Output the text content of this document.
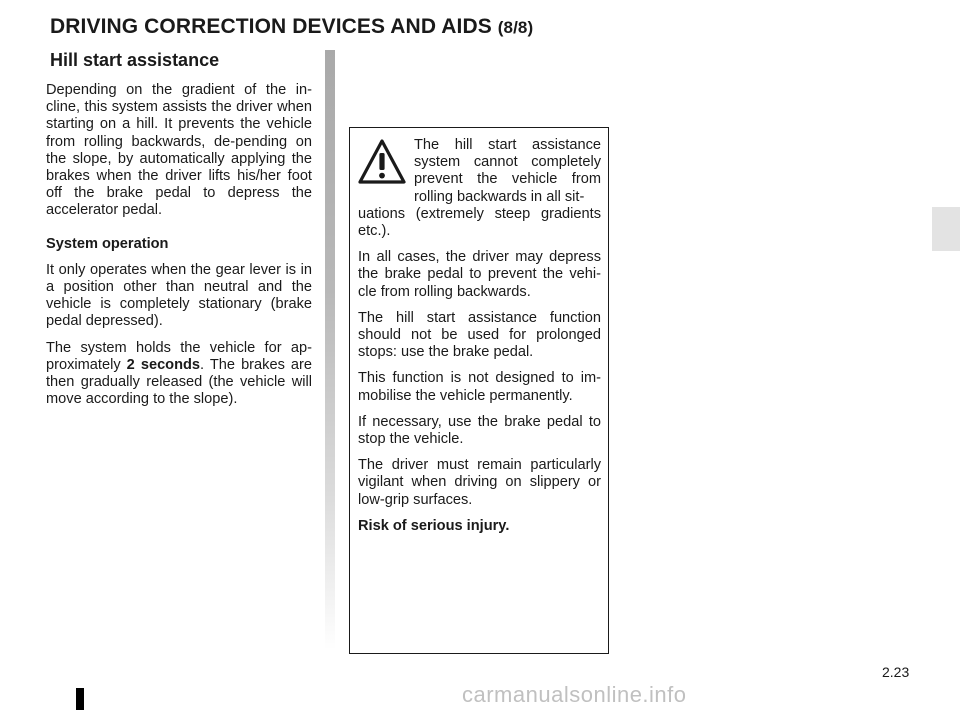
DRIVING CORRECTION DEVICES AND AIDS (8/8)
Hill start assistance

Depending on the gradient of the in-cline, this system assists the driver when starting on a hill. It prevents the vehicle from rolling backwards, de-pending on the slope, by automatically applying the brakes when the driver lifts his/her foot off the brake pedal to depress the accelerator pedal.

System operation

It only operates when the gear lever is in a position other than neutral and the vehicle is completely stationary (brake pedal depressed).

The system holds the vehicle for ap-proximately 2 seconds. The brakes are then gradually released (the vehicle will move according to the slope).

The hill start assistance system cannot completely prevent the vehicle from rolling backwards in all sit-

uations (extremely steep gradients etc.).

In all cases, the driver may depress the brake pedal to prevent the vehi-cle from rolling backwards.

The hill start assistance function should not be used for prolonged stops: use the brake pedal.

This function is not designed to im-mobilise the vehicle permanently.

If necessary, use the brake pedal to stop the vehicle.

The driver must remain particularly vigilant when driving on slippery or low-grip surfaces.

Risk of serious injury.

2.23
carmanualsonline.info
